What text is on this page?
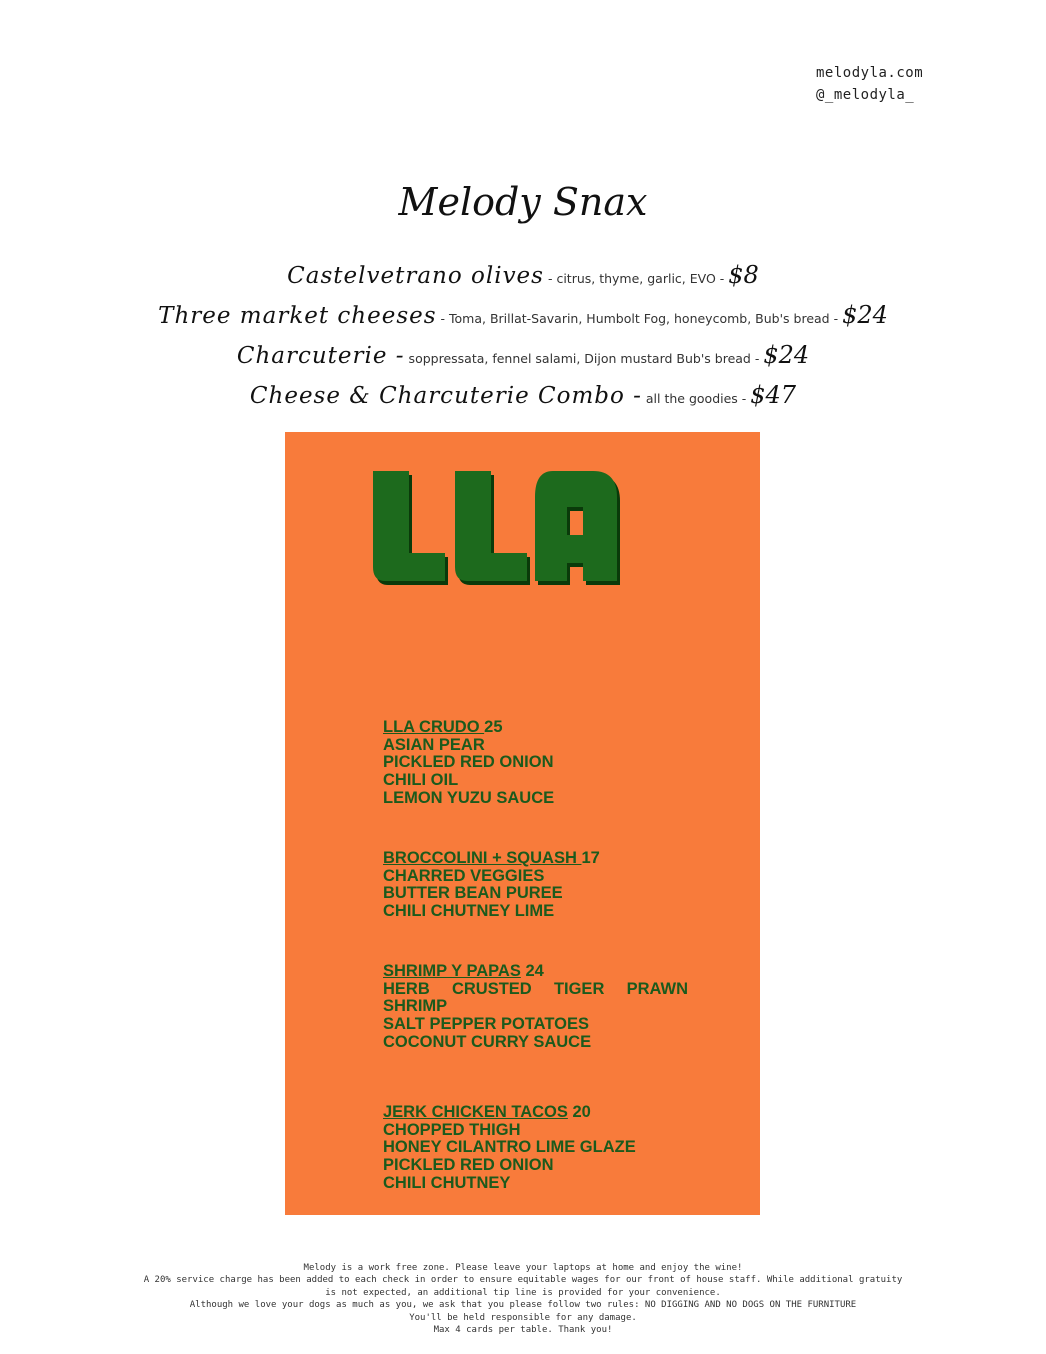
melodyla.com
@_melodyla_
Melody Snax
Castelvetrano olives - citrus, thyme, garlic, EVO - $8
Three market cheeses - Toma, Brillat-Savarin, Humbolt Fog, honeycomb, Bub's bread - $24
Charcuterie - soppressata, fennel salami, Dijon mustard Bub's bread - $24
Cheese & Charcuterie Combo - all the goodies - $47
LLA CRUDO 25
ASIAN PEAR
PICKLED RED ONION
CHILI OIL
LEMON YUZU SAUCE
BROCCOLINI + SQUASH 17
CHARRED VEGGIES
BUTTER BEAN PUREE
CHILI CHUTNEY LIME
SHRIMP Y PAPAS 24
HERB CRUSTED TIGER PRAWN
SHRIMP
SALT PEPPER POTATOES
COCONUT CURRY SAUCE
JERK CHICKEN TACOS 20
CHOPPED THIGH
HONEY CILANTRO LIME GLAZE
PICKLED RED ONION
CHILI CHUTNEY
Melody is a work free zone. Please leave your laptops at home and enjoy the wine!
A 20% service charge has been added to each check in order to ensure equitable wages for our front of house staff. While additional gratuity
is not expected, an additional tip line is provided for your convenience.
Although we love your dogs as much as you, we ask that you please follow two rules: NO DIGGING AND NO DOGS ON THE FURNITURE
You'll be held responsible for any damage.
Max 4 cards per table. Thank you!
